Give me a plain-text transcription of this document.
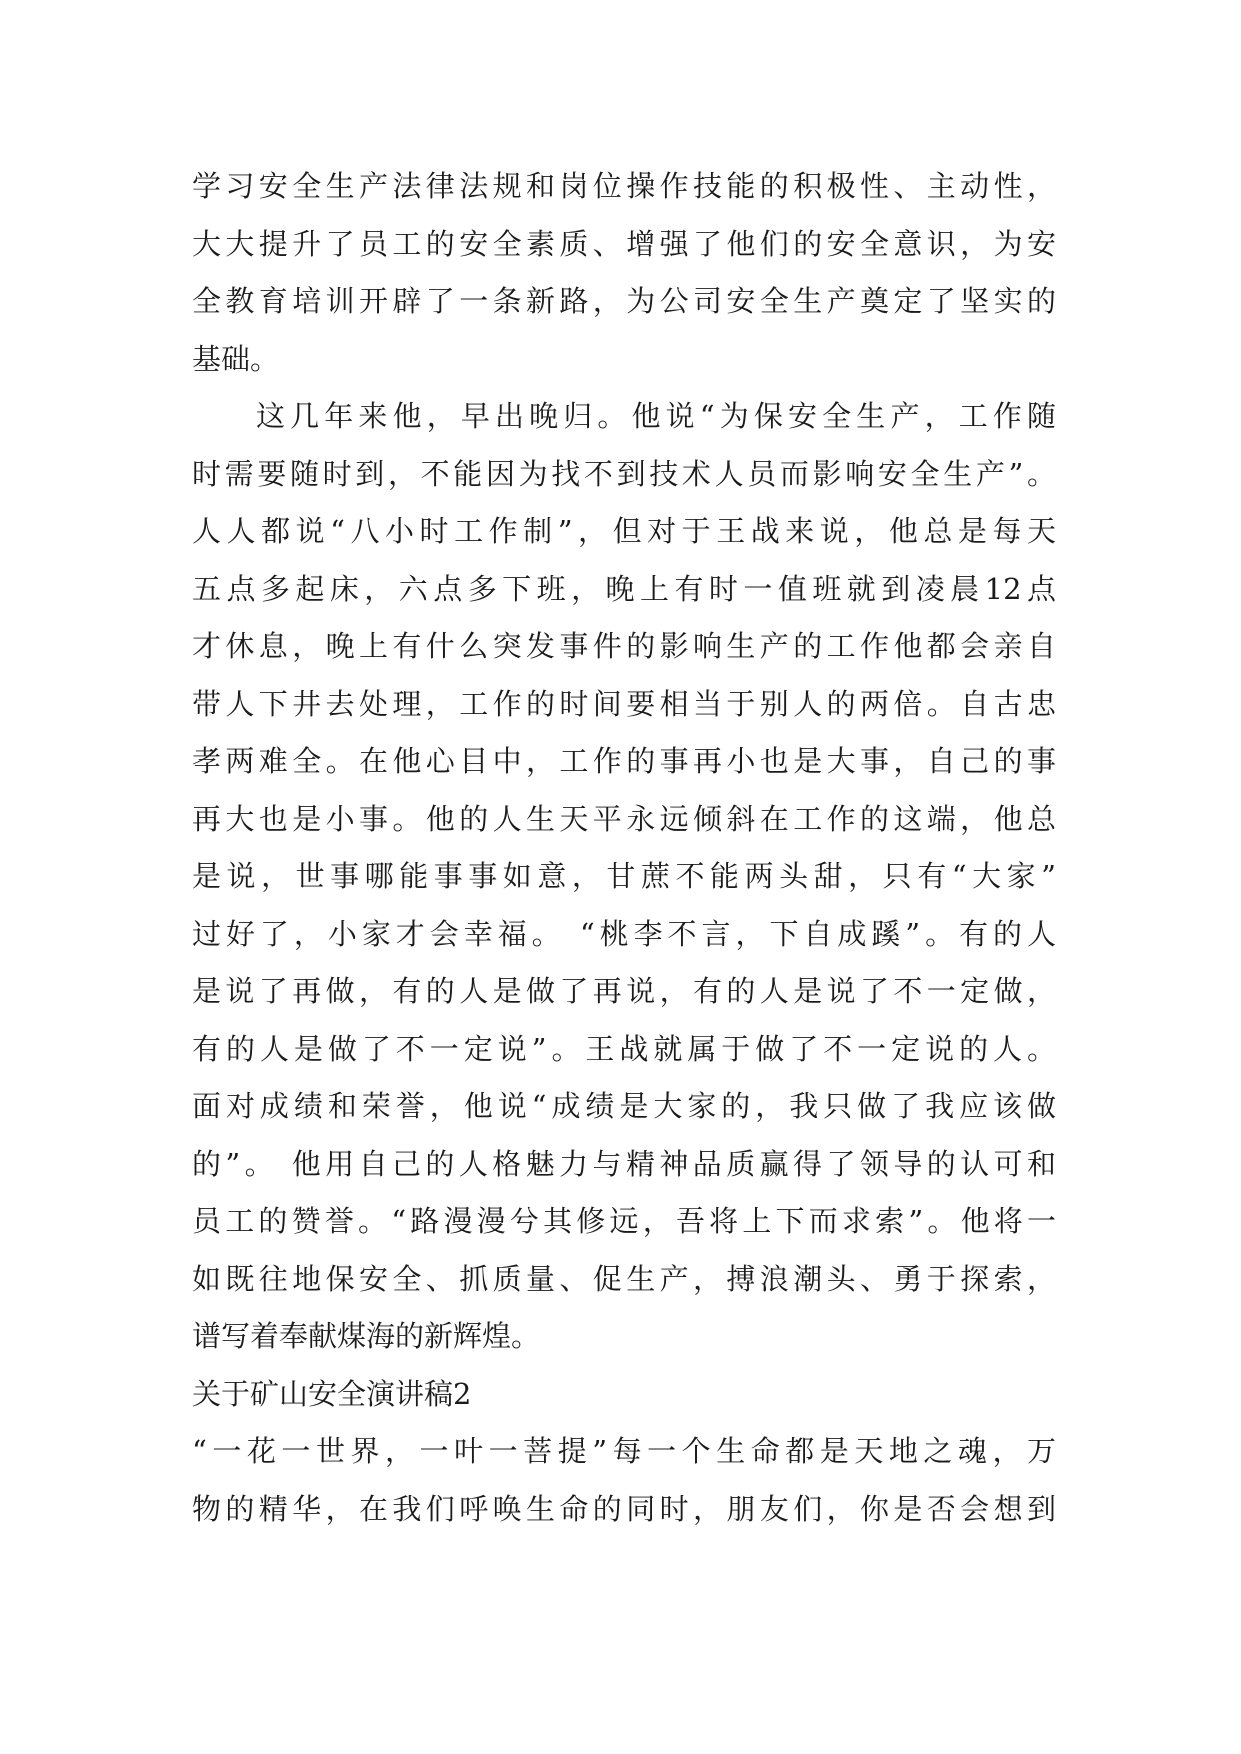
学习安全生产法律法规和岗位操作技能的积极性、主动性，
大大提升了员工的安全素质、增强了他们的安全意识，为安
全教育培训开辟了一条新路，为公司安全生产奠定了坚实的
基础。
这几年来他，早出晚归。他说“为保安全生产，工作随
时需要随时到，不能因为找不到技术人员而影响安全生产”。
人人都说“八小时工作制”，但对于王战来说，他总是每天
五点多起床，六点多下班，晚上有时一值班就到凌晨12点
才休息，晚上有什么突发事件的影响生产的工作他都会亲自
带人下井去处理，工作的时间要相当于别人的两倍。自古忠
孝两难全。在他心目中，工作的事再小也是大事，自己的事
再大也是小事。他的人生天平永远倾斜在工作的这端，他总
是说，世事哪能事事如意，甘蔗不能两头甜，只有“大家”
过好了，小家才会幸福。 “桃李不言，下自成蹊”。有的人
是说了再做，有的人是做了再说，有的人是说了不一定做，
有的人是做了不一定说”。王战就属于做了不一定说的人。
面对成绩和荣誉，他说“成绩是大家的，我只做了我应该做
的”。 他用自己的人格魅力与精神品质赢得了领导的认可和
员工的赞誉。“路漫漫兮其修远，吾将上下而求索”。他将一
如既往地保安全、抓质量、促生产，搏浪潮头、勇于探索，
谱写着奉献煤海的新辉煌。
关于矿山安全演讲稿2
“一花一世界，一叶一菩提”每一个生命都是天地之魂，万
物的精华，在我们呼唤生命的同时，朋友们，你是否会想到
